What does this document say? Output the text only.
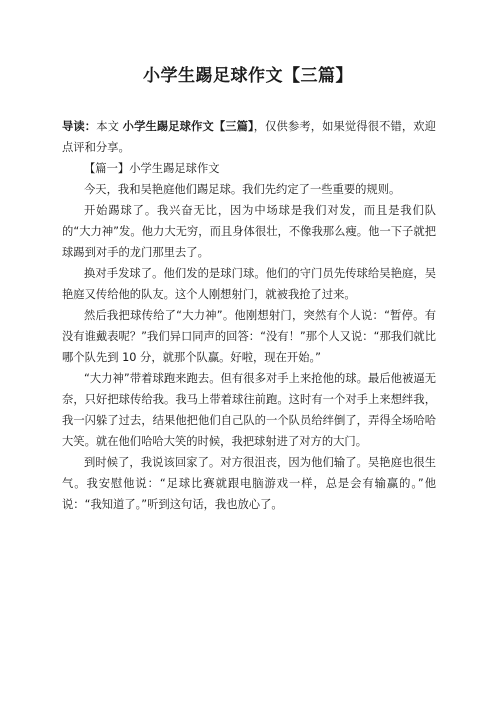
小学生踢足球作文【三篇】

导读：本文 小学生踢足球作文【三篇】，仅供参考，如果觉得很不错，欢迎点评和分享。

【篇一】小学生踢足球作文

今天，我和吴艳庭他们踢足球。我们先约定了一些重要的规则。

开始踢球了。我兴奋无比，因为中场球是我们对发，而且是我们队的“大力神”发。他力大无穷，而且身体很壮，不像我那么瘦。他一下子就把球踢到对手的龙门那里去了。

换对手发球了。他们发的是球门球。他们的守门员先传球给吴艳庭，吴艳庭又传给他的队友。这个人刚想射门，就被我抢了过来。

然后我把球传给了“大力神”。他刚想射门，突然有个人说：“暂停。有没有谁戴表呢？”我们异口同声的回答：“没有！”那个人又说：“那我们就比哪个队先到 10 分，就那个队赢。好啦，现在开始。”

“大力神”带着球跑来跑去。但有很多对手上来抢他的球。最后他被逼无奈，只好把球传给我。我马上带着球往前跑。这时有一个对手上来想绊我，我一闪躲了过去，结果他把他们自己队的一个队员给绊倒了，弄得全场哈哈大笑。就在他们哈哈大笑的时候，我把球射进了对方的大门。

到时候了，我说该回家了。对方很沮丧，因为他们输了。吴艳庭也很生气。我安慰他说：“足球比赛就跟电脑游戏一样，总是会有输赢的。”他说：“我知道了。”听到这句话，我也放心了。
